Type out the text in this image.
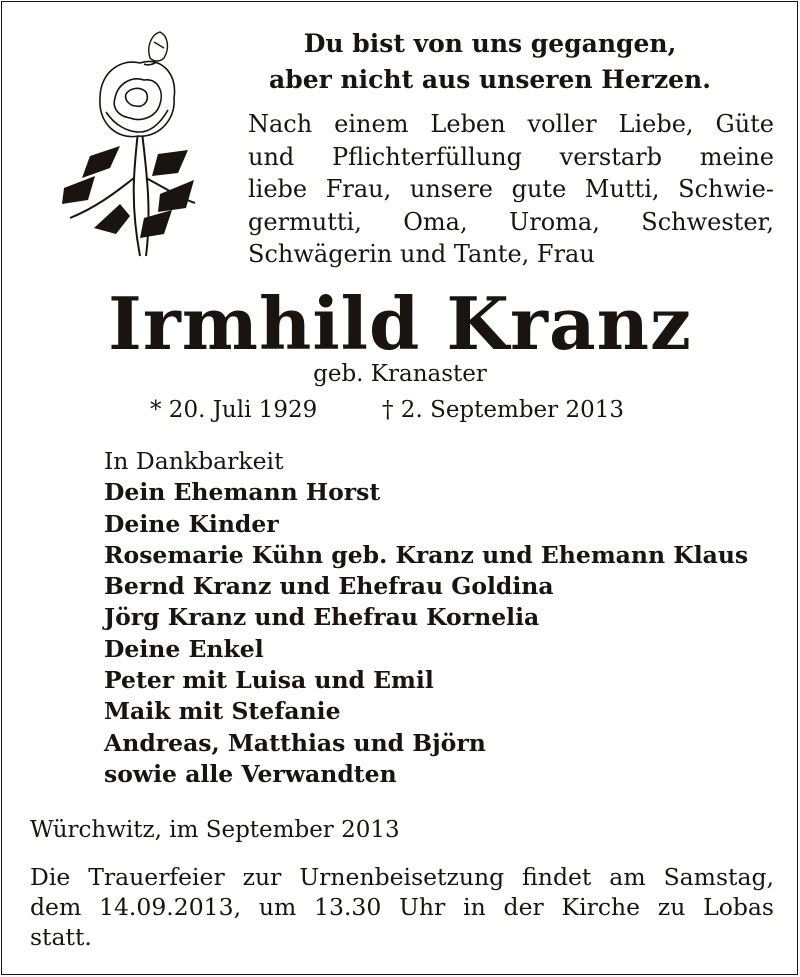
Du bist von uns gegangen,
aber nicht aus unseren Herzen.
Nach einem Leben voller Liebe, Güte
und Pflichterfüllung verstarb meine
liebe Frau, unsere gute Mutti, Schwie-
germutti, Oma, Uroma, Schwester,
Schwägerin und Tante, Frau
Irmhild Kranz
geb. Kranaster
* 20. Juli 1929	† 2. September 2013
In Dankbarkeit
Dein Ehemann Horst
Deine Kinder
Rosemarie Kühn geb. Kranz und Ehemann Klaus
Bernd Kranz und Ehefrau Goldina
Jörg Kranz und Ehefrau Kornelia
Deine Enkel
Peter mit Luisa und Emil
Maik mit Stefanie
Andreas, Matthias und Björn
sowie alle Verwandten
Würchwitz, im September 2013
Die Trauerfeier zur Urnenbeisetzung findet am Samstag,
dem 14.09.2013, um 13.30 Uhr in der Kirche zu Lobas
statt.
